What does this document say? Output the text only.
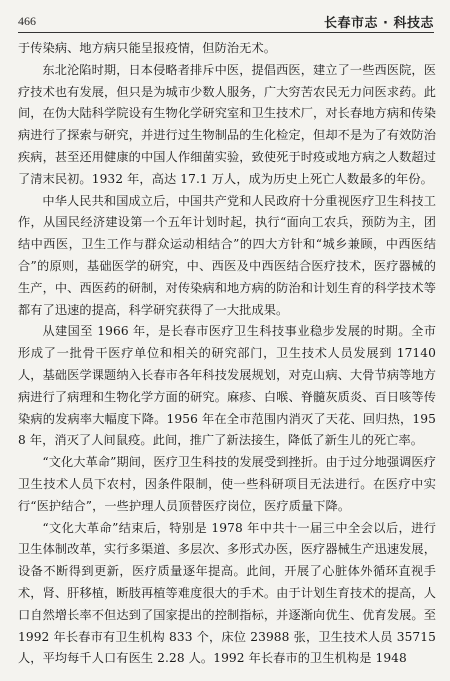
466	长春市志 · 科技志

于传染病、地方病只能呈报疫情，但防治无术。

东北沦陷时期，日本侵略者排斥中医，提倡西医，建立了一些西医院，医疗技术也有发展，但只是为城市少数人服务，广大穷苦农民无力问医求药。此间，在伪大陆科学院设有生物化学研究室和卫生技术厂，对长春地方病和传染病进行了探索与研究，并进行过生物制品的生化检定，但却不是为了有效防治疾病，甚至还用健康的中国人作细菌实验，致使死于时疫或地方病之人数超过了清末民初。1932 年，高达 17.1 万人，成为历史上死亡人数最多的年份。

中华人民共和国成立后，中国共产党和人民政府十分重视医疗卫生科技工作，从国民经济建设第一个五年计划时起，执行“面向工农兵，预防为主，团结中西医，卫生工作与群众运动相结合”的四大方针和“城乡兼顾，中西医结合”的原则，基础医学的研究，中、西医及中西医结合医疗技术，医疗器械的生产，中、西医药的研制，对传染病和地方病的防治和计划生育的科学技术等都有了迅速的提高，科学研究获得了一大批成果。

从建国至 1966 年，是长春市医疗卫生科技事业稳步发展的时期。全市形成了一批骨干医疗单位和相关的研究部门，卫生技术人员发展到 17140 人，基础医学课题纳入长春市各年科技发展规划，对克山病、大骨节病等地方病进行了病理和生物化学方面的研究。麻疹、白喉、脊髓灰质炎、百日咳等传染病的发病率大幅度下降。1956 年在全市范围内消灭了天花、回归热，1958 年，消灭了人间鼠疫。此间，推广了新法接生，降低了新生儿的死亡率。

“文化大革命”期间，医疗卫生科技的发展受到挫折。由于过分地强调医疗卫生技术人员下农村，因条件限制，使一些科研项目无法进行。在医疗中实行“医护结合”，一些护理人员顶替医疗岗位，医疗质量下降。

“文化大革命”结束后，特别是 1978 年中共十一届三中全会以后，进行卫生体制改革，实行多渠道、多层次、多形式办医，医疗器械生产迅速发展，设备不断得到更新，医疗质量逐年提高。此间，开展了心脏体外循环直视手术，肾、肝移植，断肢再植等难度很大的手术。由于计划生育技术的提高，人口自然增长率不但达到了国家提出的控制指标，并逐渐向优生、优育发展。至 1992 年长春市有卫生机构 833 个，床位 23988 张，卫生技术人员 35715 人，平均每千人口有医生 2.28 人。1992 年长春市的卫生机构是 1948
